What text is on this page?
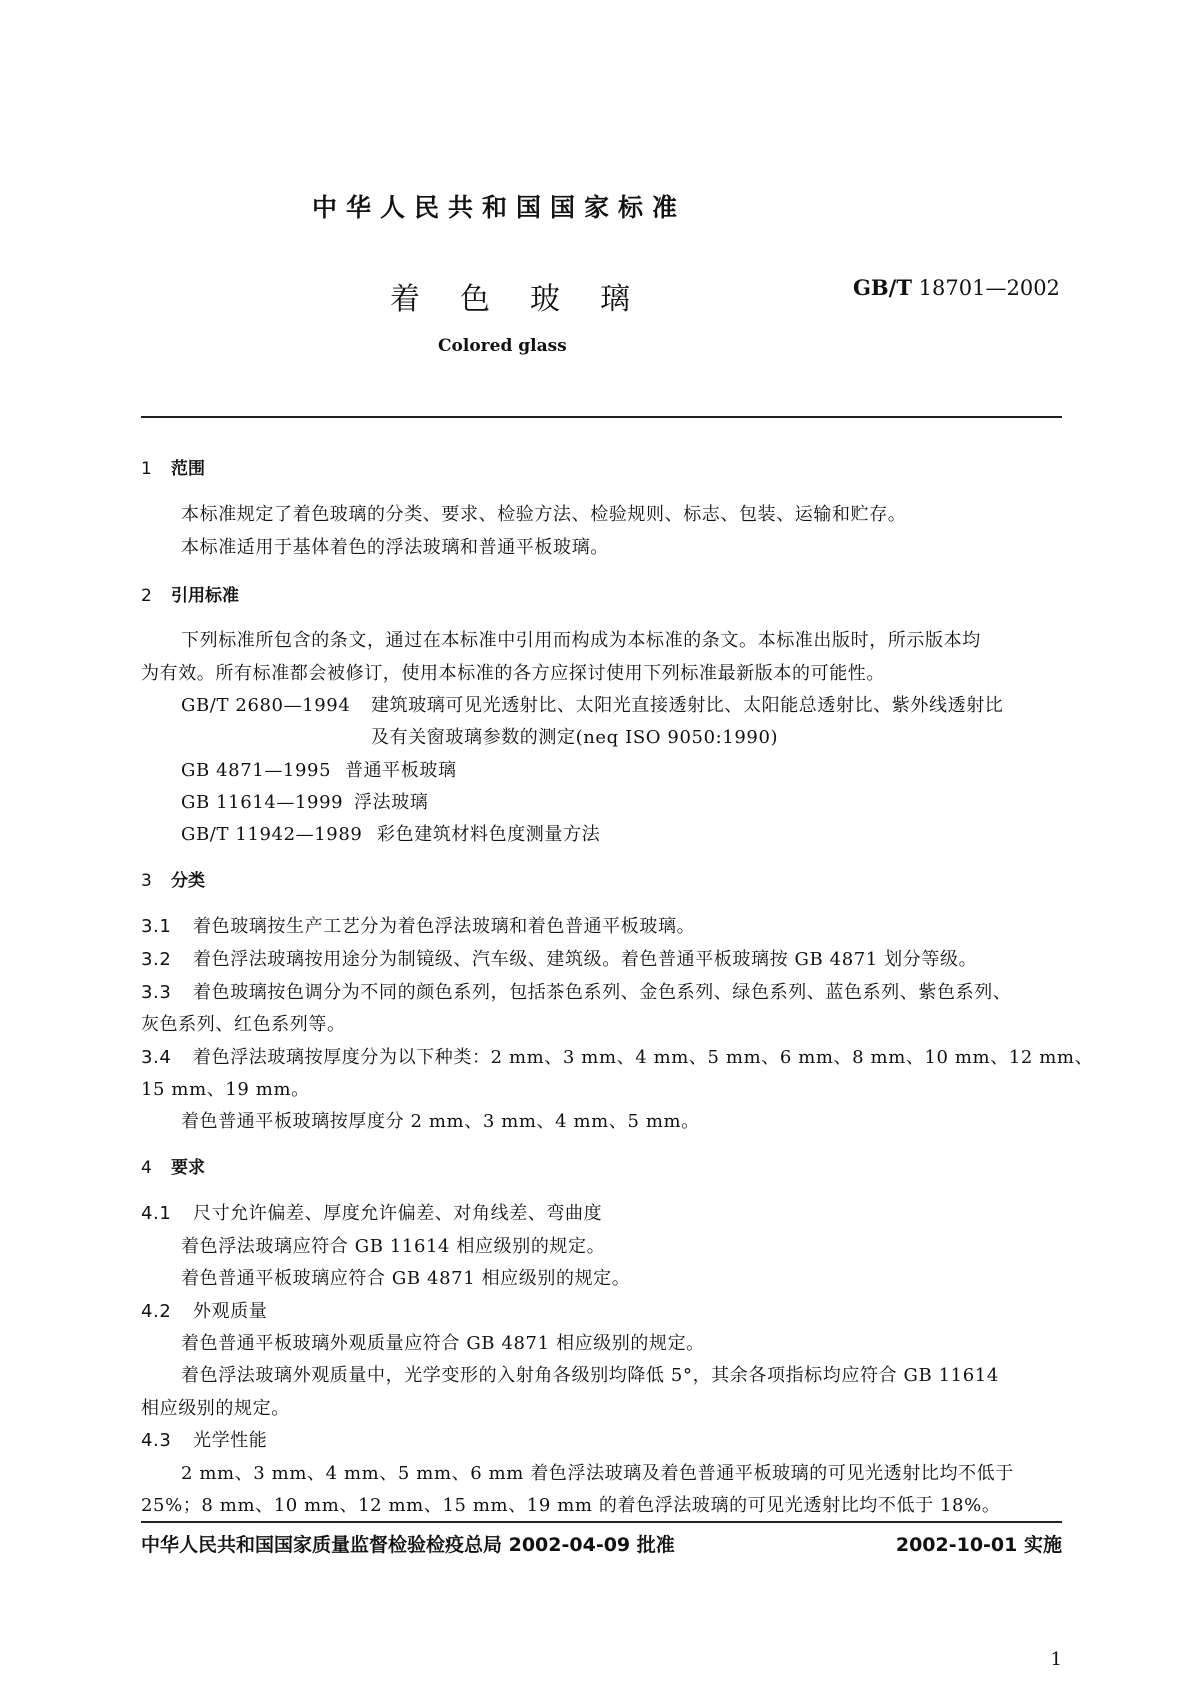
中华人民共和国国家标准
着色玻璃	GB/T 18701—2002
Colored glass
1 范围
本标准规定了着色玻璃的分类、要求、检验方法、检验规则、标志、包装、运输和贮存。
本标准适用于基体着色的浮法玻璃和普通平板玻璃。
2 引用标准
下列标准所包含的条文，通过在本标准中引用而构成为本标准的条文。本标准出版时，所示版本均
为有效。所有标准都会被修订，使用本标准的各方应探讨使用下列标准最新版本的可能性。
GB/T 2680—1994 建筑玻璃可见光透射比、太阳光直接透射比、太阳能总透射比、紫外线透射比
及有关窗玻璃参数的测定(neq ISO 9050:1990)
GB 4871—1995 普通平板玻璃
GB 11614—1999 浮法玻璃
GB/T 11942—1989 彩色建筑材料色度测量方法
3 分类
3.1 着色玻璃按生产工艺分为着色浮法玻璃和着色普通平板玻璃。
3.2 着色浮法玻璃按用途分为制镜级、汽车级、建筑级。着色普通平板玻璃按 GB 4871 划分等级。
3.3 着色玻璃按色调分为不同的颜色系列，包括茶色系列、金色系列、绿色系列、蓝色系列、紫色系列、
灰色系列、红色系列等。
3.4 着色浮法玻璃按厚度分为以下种类：2 mm、3 mm、4 mm、5 mm、6 mm、8 mm、10 mm、12 mm、
15 mm、19 mm。
着色普通平板玻璃按厚度分 2 mm、3 mm、4 mm、5 mm。
4 要求
4.1 尺寸允许偏差、厚度允许偏差、对角线差、弯曲度
着色浮法玻璃应符合 GB 11614 相应级别的规定。
着色普通平板玻璃应符合 GB 4871 相应级别的规定。
4.2 外观质量
着色普通平板玻璃外观质量应符合 GB 4871 相应级别的规定。
着色浮法玻璃外观质量中，光学变形的入射角各级别均降低 5°，其余各项指标均应符合 GB 11614
相应级别的规定。
4.3 光学性能
2 mm、3 mm、4 mm、5 mm、6 mm 着色浮法玻璃及着色普通平板玻璃的可见光透射比均不低于
25%；8 mm、10 mm、12 mm、15 mm、19 mm 的着色浮法玻璃的可见光透射比均不低于 18%。
中华人民共和国国家质量监督检验检疫总局 2002-04-09 批准	2002-10-01 实施
1
